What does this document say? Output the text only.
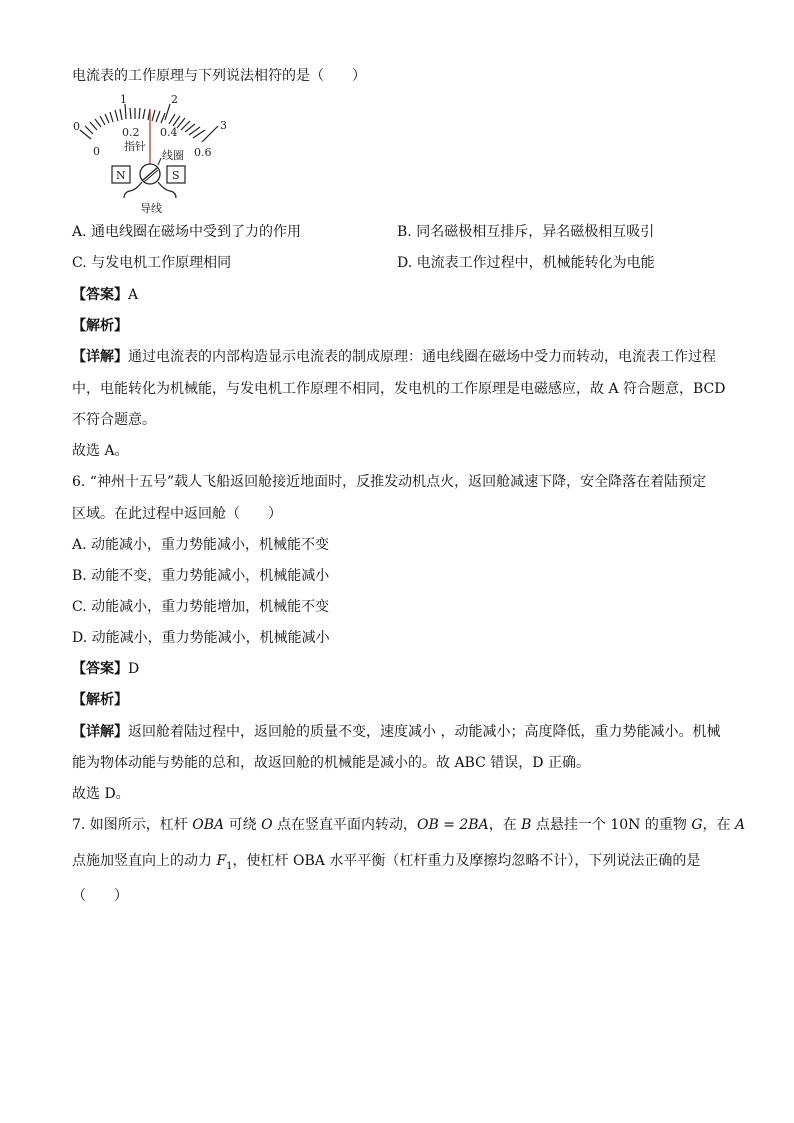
电流表的工作原理与下列说法相符的是（　　）
0
1	2
3
0
0.2 0.4
0.6
指针
线圈
N	S
导线
A. 通电线圈在磁场中受到了力的作用	B. 同名磁极相互排斥，异名磁极相互吸引
C. 与发电机工作原理相同	D. 电流表工作过程中，机械能转化为电能
【答案】A
【解析】
【详解】通过电流表的内部构造显示电流表的制成原理：通电线圈在磁场中受力而转动，电流表工作过程
中，电能转化为机械能，与发电机工作原理不相同，发电机的工作原理是电磁感应，故 A 符合题意，BCD
不符合题意。
故选 A。
6. “神州十五号”载人飞船返回舱接近地面时，反推发动机点火，返回舱减速下降，安全降落在着陆预定
区域。在此过程中返回舱（　　）
A. 动能减小，重力势能减小，机械能不变
B. 动能不变，重力势能减小，机械能减小
C. 动能减小，重力势能增加，机械能不变
D. 动能减小，重力势能减小，机械能减小
【答案】D
【解析】
【详解】返回舱着陆过程中，返回舱的质量不变，速度减小 ，动能减小；高度降低，重力势能减小。机械
能为物体动能与势能的总和，故返回舱的机械能是减小的。故 ABC 错误，D 正确。
故选 D。
7. 如图所示，杠杆 OBA 可绕 O 点在竖直平面内转动，OB = 2BA，在 B 点悬挂一个 10N 的重物 G，在 A
点施加竖直向上的动力 $F_1$，使杠杆 OBA 水平平衡（杠杆重力及摩擦均忽略不计），下列说法正确的是
（　　）
